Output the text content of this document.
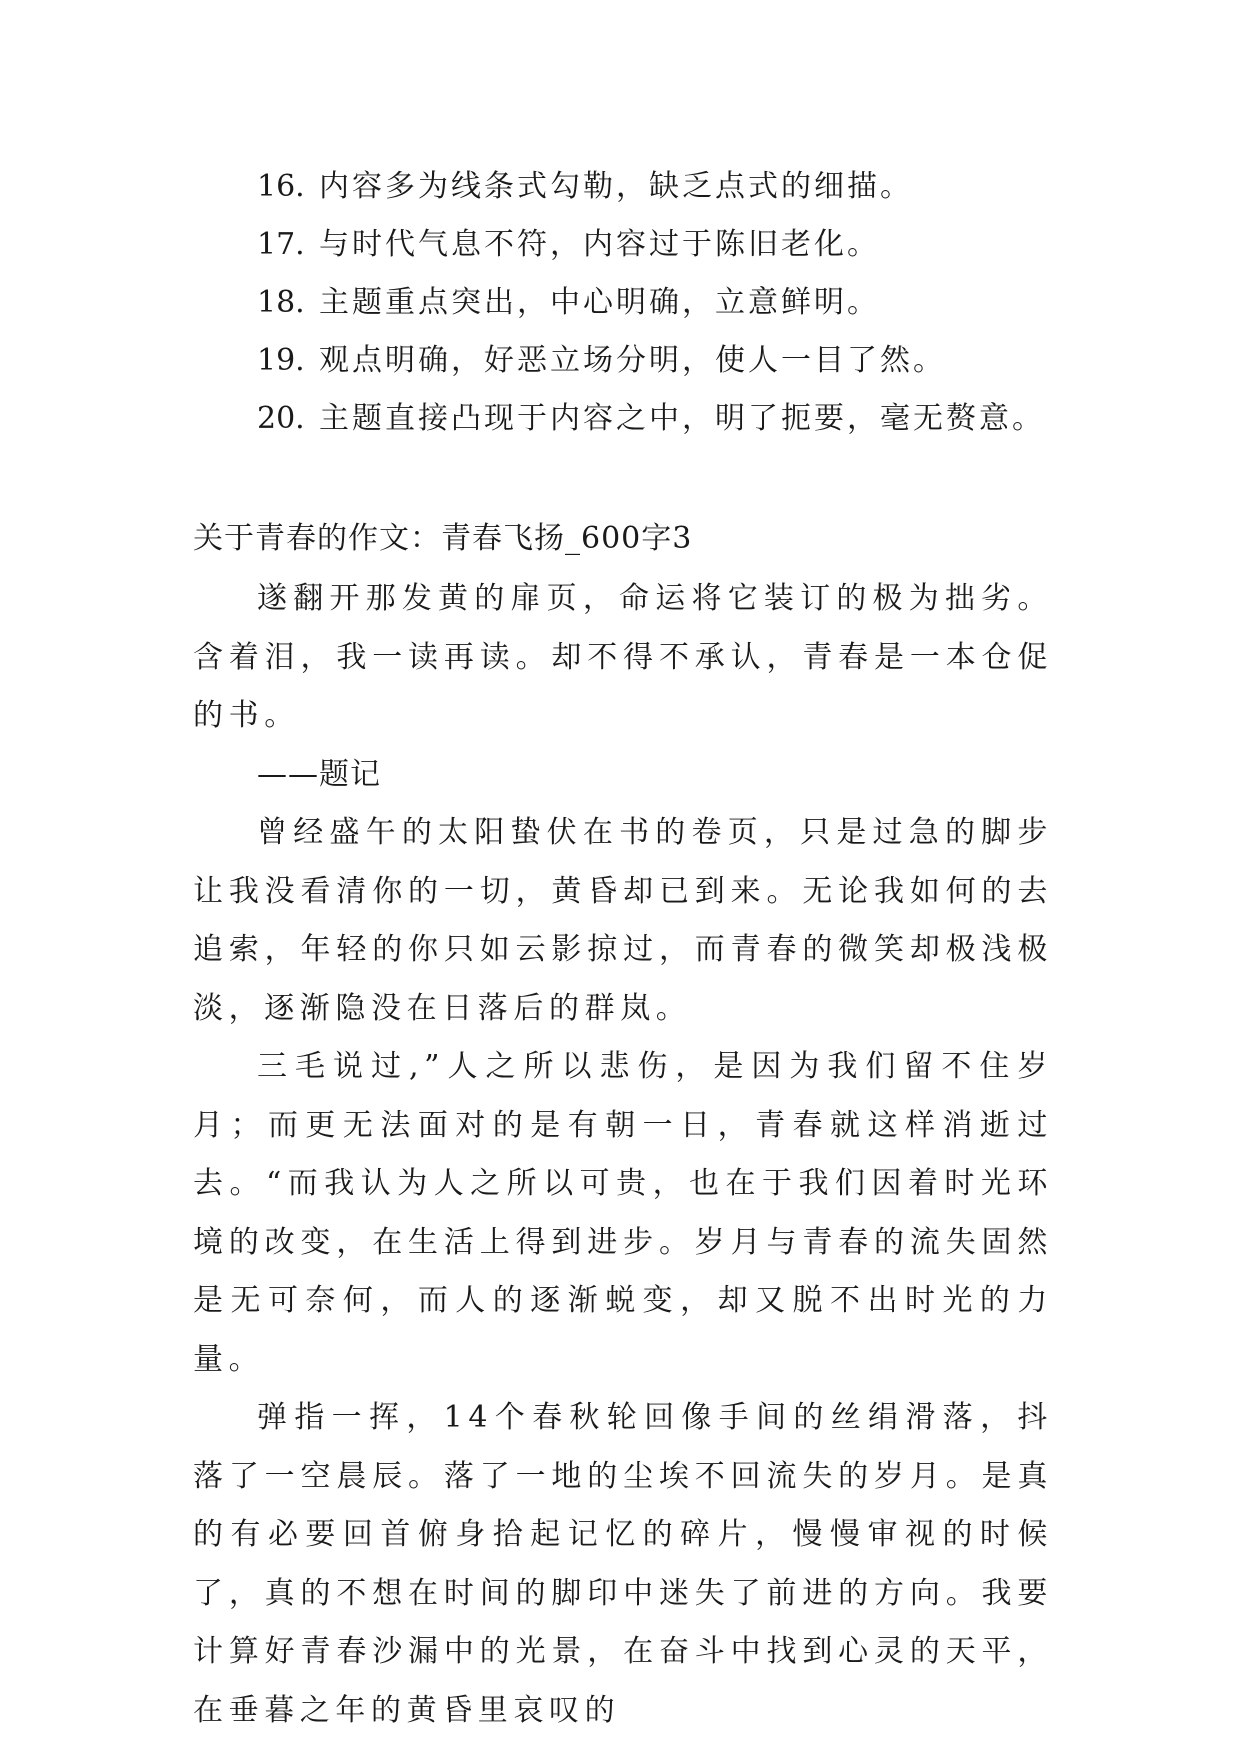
16. 内容多为线条式勾勒，缺乏点式的细描。
17. 与时代气息不符，内容过于陈旧老化。
18. 主题重点突出，中心明确，立意鲜明。
19. 观点明确，好恶立场分明，使人一目了然。
20. 主题直接凸现于内容之中，明了扼要，毫无赘意。
关于青春的作文：青春飞扬_600字3

遂翻开那发黄的扉页，命运将它装订的极为拙劣。含着泪，我一读再读。却不得不承认，青春是一本仓促的书。

——题记

曾经盛午的太阳蛰伏在书的卷页，只是过急的脚步让我没看清你的一切，黄昏却已到来。无论我如何的去追索，年轻的你只如云影掠过，而青春的微笑却极浅极淡，逐渐隐没在日落后的群岚。

三毛说过,”人之所以悲伤，是因为我们留不住岁月；而更无法面对的是有朝一日，青春就这样消逝过去。“而我认为人之所以可贵，也在于我们因着时光环境的改变，在生活上得到进步。岁月与青春的流失固然是无可奈何，而人的逐渐蜕变，却又脱不出时光的力量。

弹指一挥，14个春秋轮回像手间的丝绢滑落，抖落了一空晨辰。落了一地的尘埃不回流失的岁月。是真的有必要回首俯身拾起记忆的碎片，慢慢审视的时候了，真的不想在时间的脚印中迷失了前进的方向。我要计算好青春沙漏中的光景，在奋斗中找到心灵的天平，在垂暮之年的黄昏里哀叹的
